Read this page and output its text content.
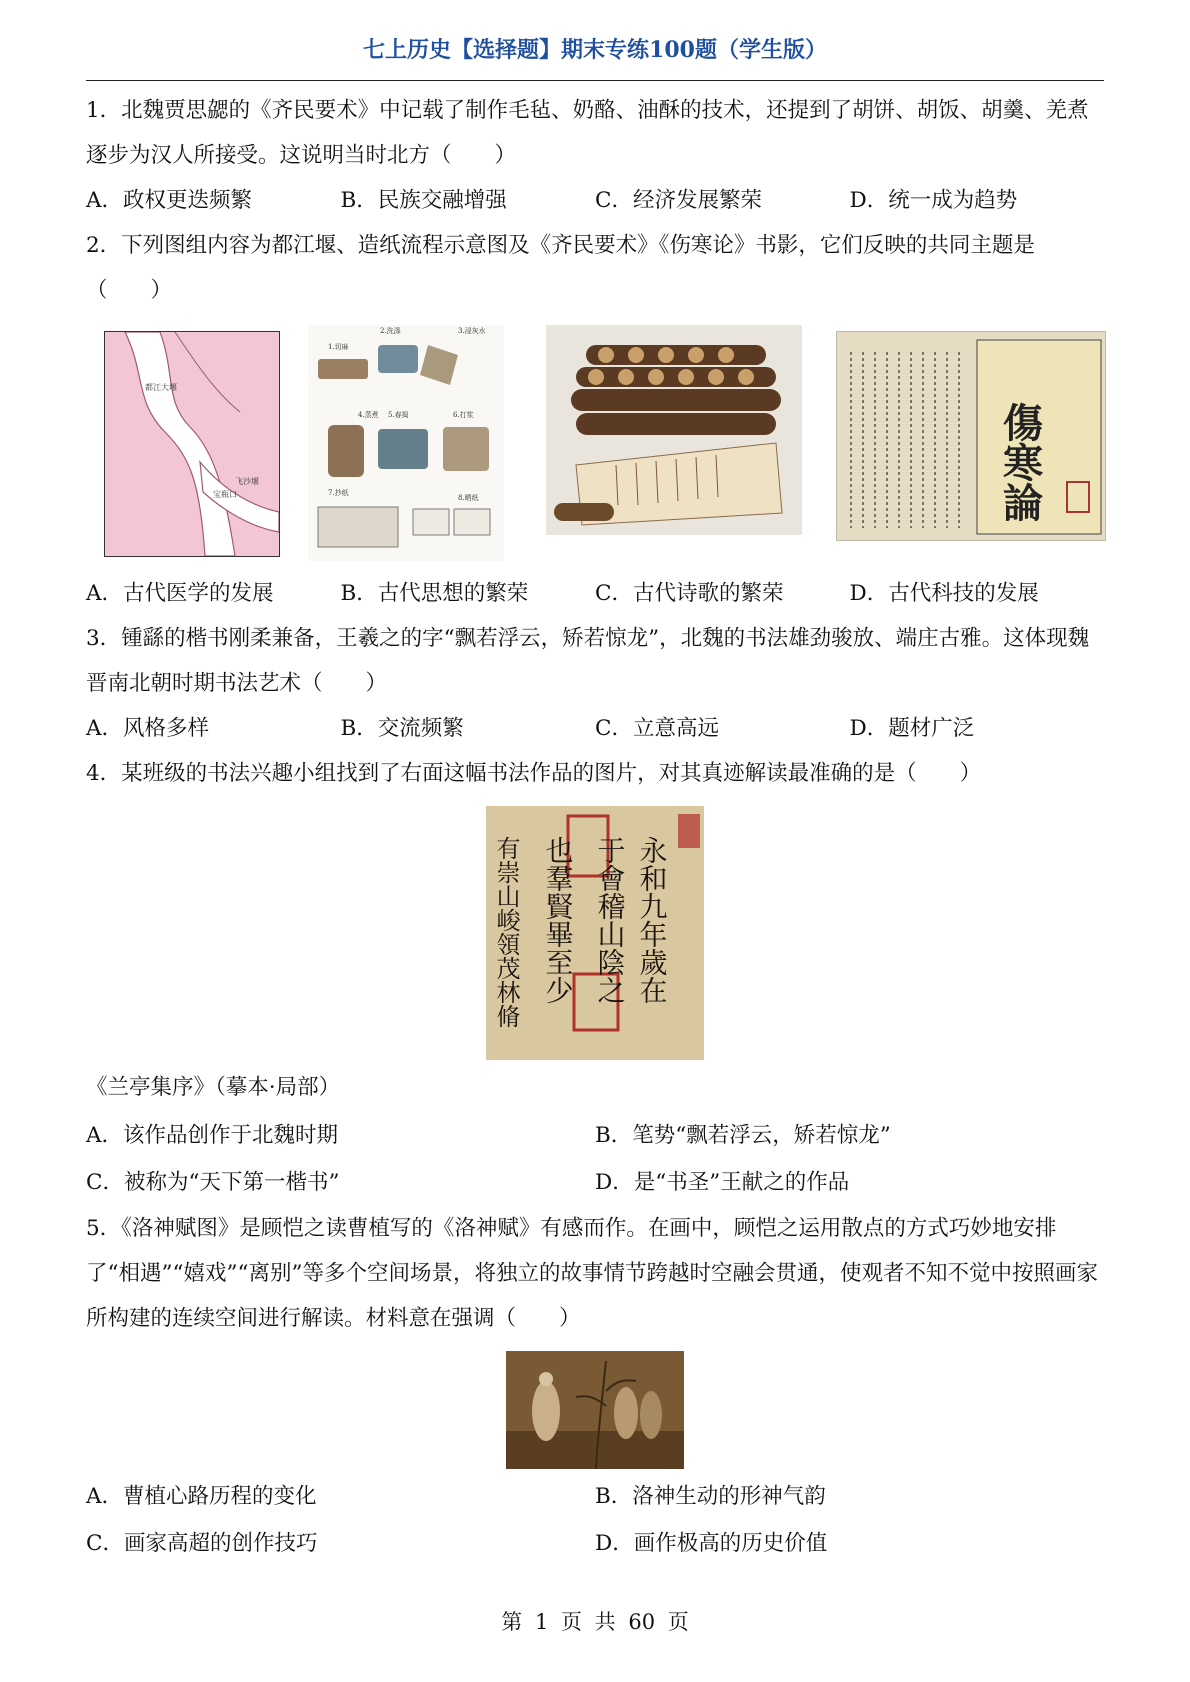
七上历史【选择题】期末专练100题（学生版）

1．北魏贾思勰的《齐民要术》中记载了制作毛毡、奶酪、油酥的技术，还提到了胡饼、胡饭、胡羹、羌煮逐步为汉人所接受。这说明当时北方（　　）

A．政权更迭频繁	B．民族交融增强	C．经济发展繁荣	D．统一成为趋势

2．下列图组内容为都江堰、造纸流程示意图及《齐民要术》《伤寒论》书影，它们反映的共同主题是（　　）

宝瓶口
飞沙堰
都江大堰
1.切麻
2.洗涤	3.浸灰水
4.蒸煮 5.春捣	6.打浆
7.抄纸
8.晒纸	傷寒論
A．古代医学的发展	B．古代思想的繁荣	C．古代诗歌的繁荣	D．古代科技的发展

3．锺繇的楷书刚柔兼备，王羲之的字“飘若浮云，矫若惊龙”，北魏的书法雄劲骏放、端庄古雅。这体现魏晋南北朝时期书法艺术（　　）

A．风格多样	B．交流频繁	C．立意高远	D．题材广泛

4．某班级的书法兴趣小组找到了右面这幅书法作品的图片，对其真迹解读最准确的是（　　）

永和九年歲在
于會稽山陰之
也羣賢畢至少
有崇山峻領茂林脩
《兰亭集序》（摹本·局部）
A．该作品创作于北魏时期	B．笔势“飘若浮云，矫若惊龙”
C．被称为“天下第一楷书”	D．是“书圣”王献之的作品

5．《洛神赋图》是顾恺之读曹植写的《洛神赋》有感而作。在画中，顾恺之运用散点的方式巧妙地安排了“相遇”“嬉戏”“离别”等多个空间场景，将独立的故事情节跨越时空融会贯通，使观者不知不觉中按照画家所构建的连续空间进行解读。材料意在强调（　　）

A．曹植心路历程的变化	B．洛神生动的形神气韵
C．画家高超的创作技巧	D．画作极高的历史价值
第 1 页 共 60 页
